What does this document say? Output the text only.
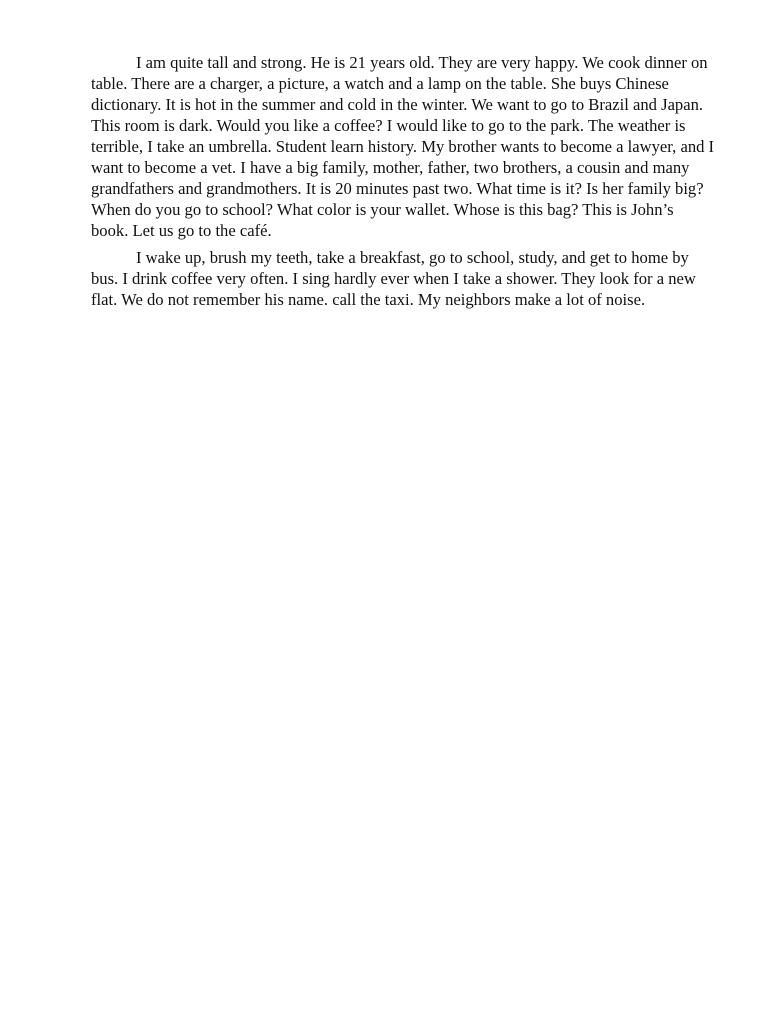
I am quite tall and strong. He is 21 years old. They are very happy. We cook dinner on table. There are a charger, a picture, a watch and a lamp on the table. She buys Chinese dictionary. It is hot in the summer and cold in the winter. We want to go to Brazil and Japan. This room is dark. Would you like a coffee? I would like to go to the park. The weather is terrible, I take an umbrella. Student learn history. My brother wants to become a lawyer, and I want to become a vet. I have a big family, mother, father, two brothers, a cousin and many grandfathers and grandmothers. It is 20 minutes past two. What time is it? Is her family big? When do you go to school? What color is your wallet. Whose is this bag? This is John’s book. Let us go to the café.

I wake up, brush my teeth, take a breakfast, go to school, study, and get to home by bus. I drink coffee very often. I sing hardly ever when I take a shower. They look for a new flat. We do not remember his name. call the taxi. My neighbors make a lot of noise.
